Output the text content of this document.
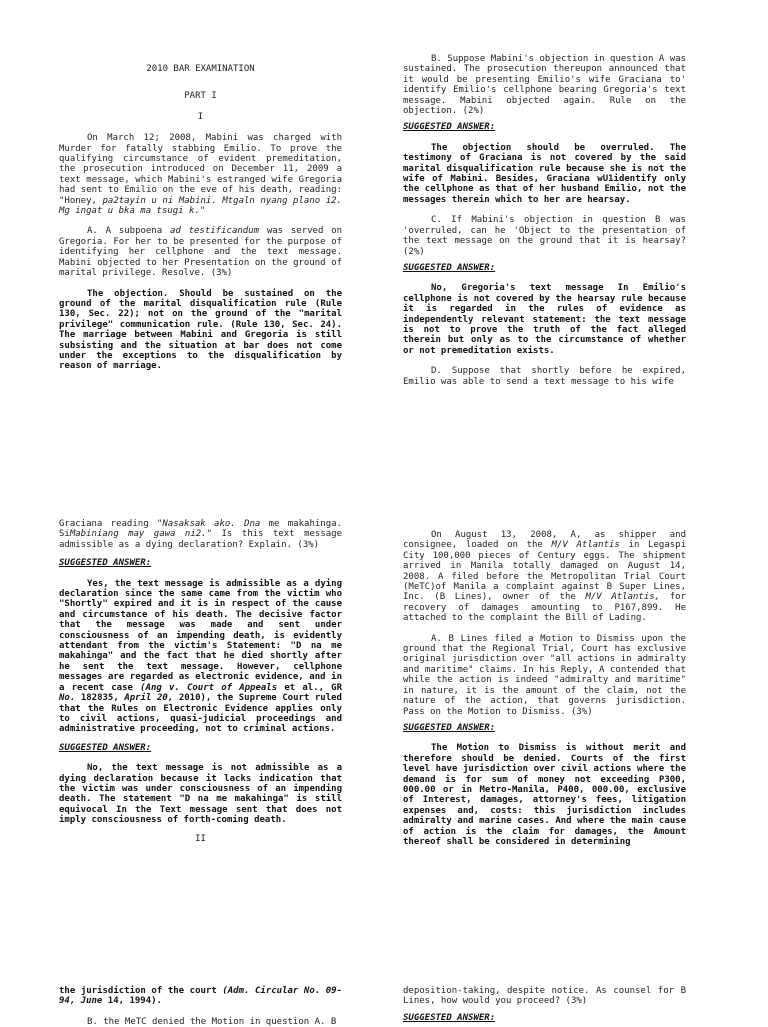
2010 BAR EXAMINATION
PART I
I

On March 12; 2008, Mabini was charged with Murder for fatally stabbing Emilio. To prove the qualifying circumstance of evident premeditation, the prosecution introduced on December 11, 2009 a text message, which Mabini's estranged wife Gregoria had sent to Emilio on the eve of his death, reading: "Honey, pa2tayin u ni Mabini. Mtgaln nyang plano i2. Mg ingat u bka ma tsugi k."

A. A subpoena ad testificandum was served on Gregoria. For her to be presented for the purpose of identifying her cellphone and the text message. Mabini objected to her Presentation on the ground of marital privilege. Resolve. (3%)

The objection. Should be sustained on the ground of the marital disqualification rule (Rule 130, Sec. 22); not on the ground of the "marital privilege" communication rule. (Rule 130, Sec. 24). The marriage between Mabini and Gregoria is still subsisting and the situation at bar does not come under the exceptions to the disqualification by reason of marriage.

B. Suppose Mabini's objection in question A was sustained. The prosecution thereupon announced that it would be presenting Emilio's wife Graciana to' identify Emilio's cellphone bearing Gregoria's text message. Mabini objected again. Rule on the objection. (2%)

SUGGESTED ANSWER:

The objection should be overruled. The testimony of Graciana is not covered by the said marital disqualification rule because she is not the wife of Mabini. Besides, Graciana wU1identify only the cellphone as that of her husband Emilio, not the messages therein which to her are hearsay.

C. If Mabini's objection in question B was 'overruled, can he 'Object to the presentation of the text message on the ground that it is hearsay? (2%)

SUGGESTED ANSWER:

No, Gregoria's text message In Emilio's cellphone is not covered by the hearsay rule because it is regarded in the rules of evidence as independently relevant statement: the text message is not to prove the truth of the fact alleged therein but only as to the circumstance of whether or not premeditation exists.

D. Suppose that shortly before he expired, Emilio was able to send a text message to his wife

Graciana reading "Nasaksak ako. Dna me makahinga. SiMabiniang may gawa ni2." Is this text message admissible as a dying declaration? Explain. (3%)

SUGGESTED ANSWER:

Yes, the text message is admissible as a dying declaration since the same came from the victim who "Shortly" expired and it is in respect of the cause and circumstance of his death. The decisive factor that the message was made and sent under consciousness of an impending death, is evidently attendant from the victim's Statement: "D na me makahinga" and the fact that he died shortly after he sent the text message. However, cellphone messages are regarded as electronic evidence, and in a recent case (Ang v. Court of Appeals et al., GR No. 182835, April 20, 2010), the Supreme Court ruled that the Rules on Electronic Evidence applies only to civil actions, quasi-judicial proceedings and administrative proceeding, not to criminal actions.

SUGGESTED ANSWER:

No, the text message is not admissible as a dying declaration because it lacks indication that the victim was under consciousness of an impending death. The statement "D na me makahinga" is still equivocal In the Text message sent that does not imply consciousness of forth-coming death.

II

On August 13, 2008, A, as shipper and consignee, loaded on the M/V Atlantis in Legaspi City 100,000 pieces of Century eggs. The shipment arrived in Manila totally damaged on August 14, 2008. A filed before the Metropolitan Trial Court (MeTC)of Manila a complaint against B Super Lines, Inc. (B Lines), owner of the M/V Atlantis, for recovery of damages amounting to P167,899. He attached to the complaint the Bill of Lading.

A. B Lines filed a Motion to Dismiss upon the ground that the Regional Trial, Court has exclusive original jurisdiction over "all actions in admiralty and maritime" claims. In his Reply, A contended that while the action is indeed "admiralty and maritime" in nature, it is the amount of the claim, not the nature of the action, that governs jurisdiction. Pass on the Motion to Dismiss. (3%)

SUGGESTED ANSWER:

The Motion to Dismiss is without merit and therefore should be denied. Courts of the first level have jurisdiction over civil actions where the demand is for sum of money not exceeding P300, 000.00 or in Metro-Manila, P400, 000.00, exclusive of Interest, damages, attorney's fees, litigation expenses and, costs: this jurisdiction includes admiralty and marine cases. And where the main cause of action is the claim for damages, the Amount thereof shall be considered in determining

the jurisdiction of the court (Adm. Circular No. 09-94, June 14, 1994).

B. the MeTC denied the Motion in question A. B

deposition-taking, despite notice. As counsel for B Lines, how would you proceed? (3%)

SUGGESTED ANSWER:
